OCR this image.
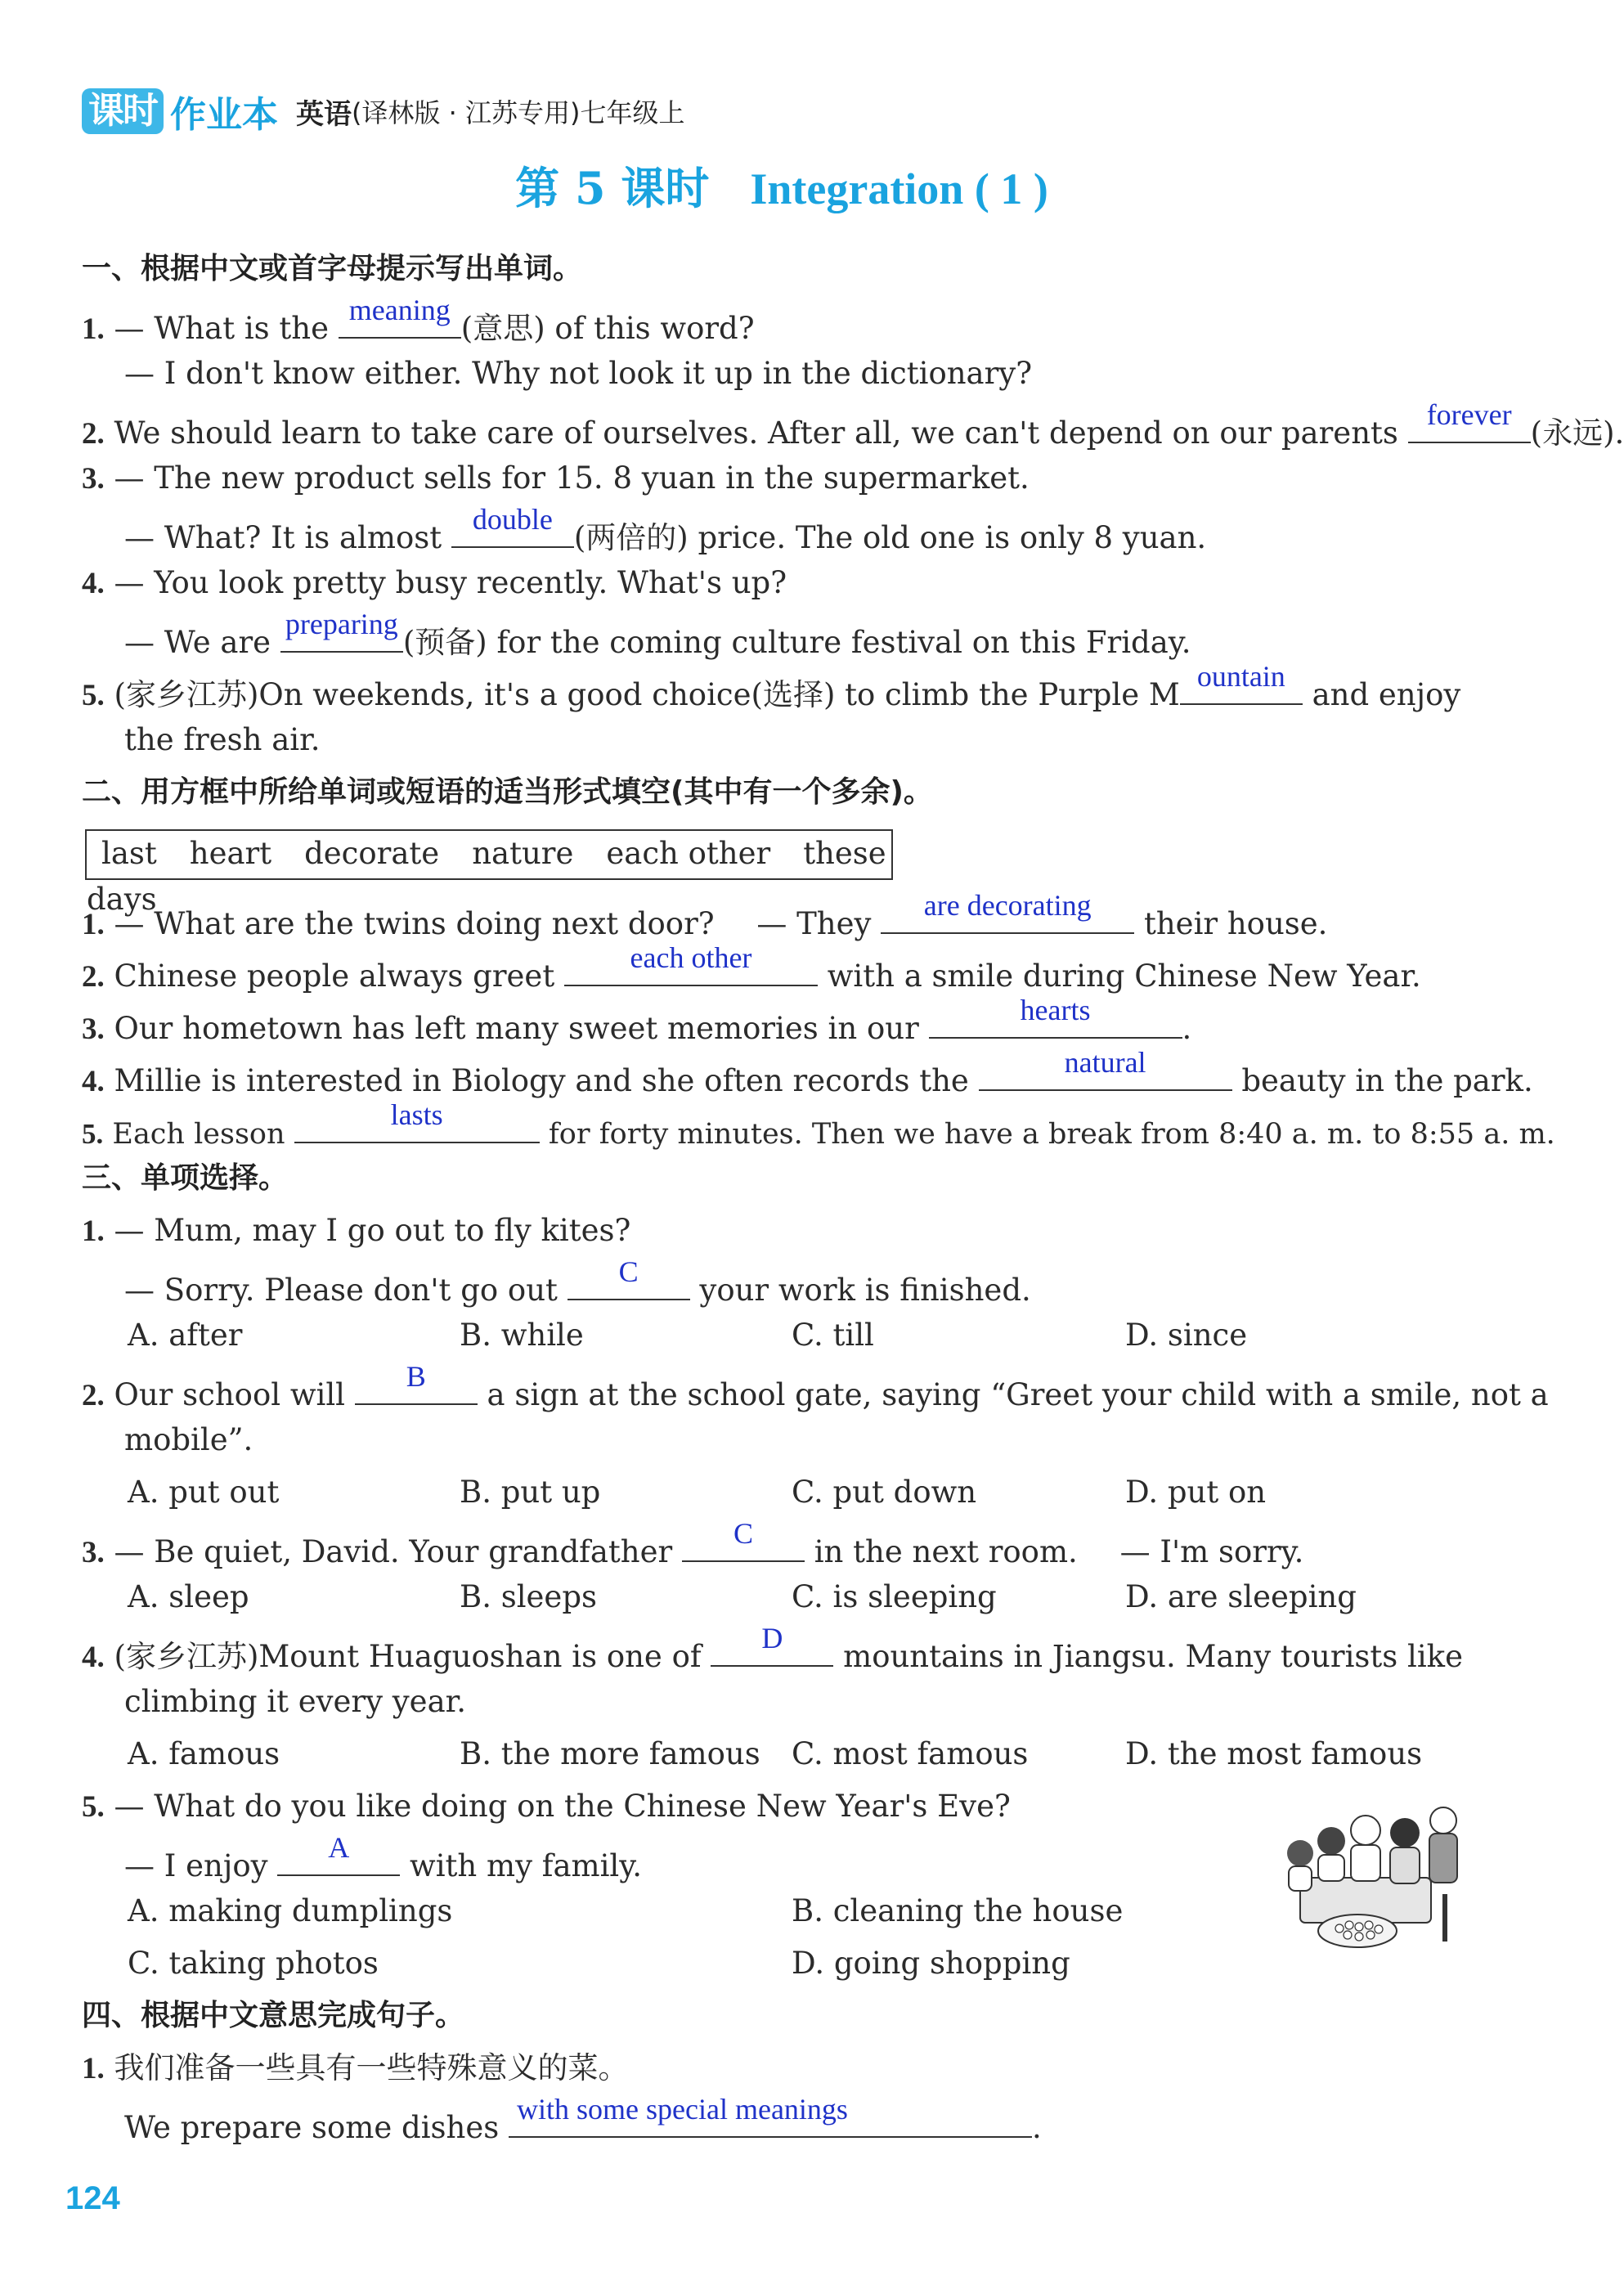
课时 作业本 英语 (译林版 · 江苏专用)七年级上
第 5 课时 Integration ( 1 )
一、根据中文或首字母提示写出单词。
1. — What is the
meaning
(意思) of this word?
— I don't know either. Why not look it up in the dictionary?
2. We should learn to take care of ourselves. After all, we can't depend on our parents
forever
(永远).
3. — The new product sells for 15. 8 yuan in the supermarket.
— What? It is almost
double
(两倍的) price. The old one is only 8 yuan.
4. — You look pretty busy recently. What's up?
— We are
preparing
(预备) for the coming culture festival on this Friday.
5. (家乡江苏)On weekends, it's a good choice(选择) to climb the Purple M
ountain
and enjoy
the fresh air.
二、用方框中所给单词或短语的适当形式填空(其中有一个多余)。
last heart decorate nature each other these days
1. — What are the twins doing next door? — They
are decorating
their house.
2. Chinese people always greet
each other
with a smile during Chinese New Year.
3. Our hometown has left many sweet memories in our
hearts
.
4. Millie is interested in Biology and she often records the
natural
beauty in the park.
5. Each lesson
lasts
for forty minutes. Then we have a break from 8:40 a. m. to 8:55 a. m.
三、单项选择。
1. — Mum, may I go out to fly kites?
— Sorry. Please don't go out
C
your work is finished.
A. after	B. while	C. till	D. since
2. Our school will
B
a sign at the school gate, saying “Greet your child with a smile, not a
mobile”.
A. put out	B. put up	C. put down	D. put on
3. — Be quiet, David. Your grandfather
C
in the next room. — I'm sorry.
A. sleep	B. sleeps	C. is sleeping	D. are sleeping
4. (家乡江苏)Mount Huaguoshan is one of
D
mountains in Jiangsu. Many tourists like
climbing it every year.
A. famous	B. the more famous C. most famous	D. the most famous
5. — What do you like doing on the Chinese New Year's Eve?
— I enjoy
A
with my family.
A. making dumplings	B. cleaning the house
C. taking photos	D. going shopping
四、根据中文意思完成句子。
1. 我们准备一些具有一些特殊意义的菜。
We prepare some dishes
with some special meanings
.
124
